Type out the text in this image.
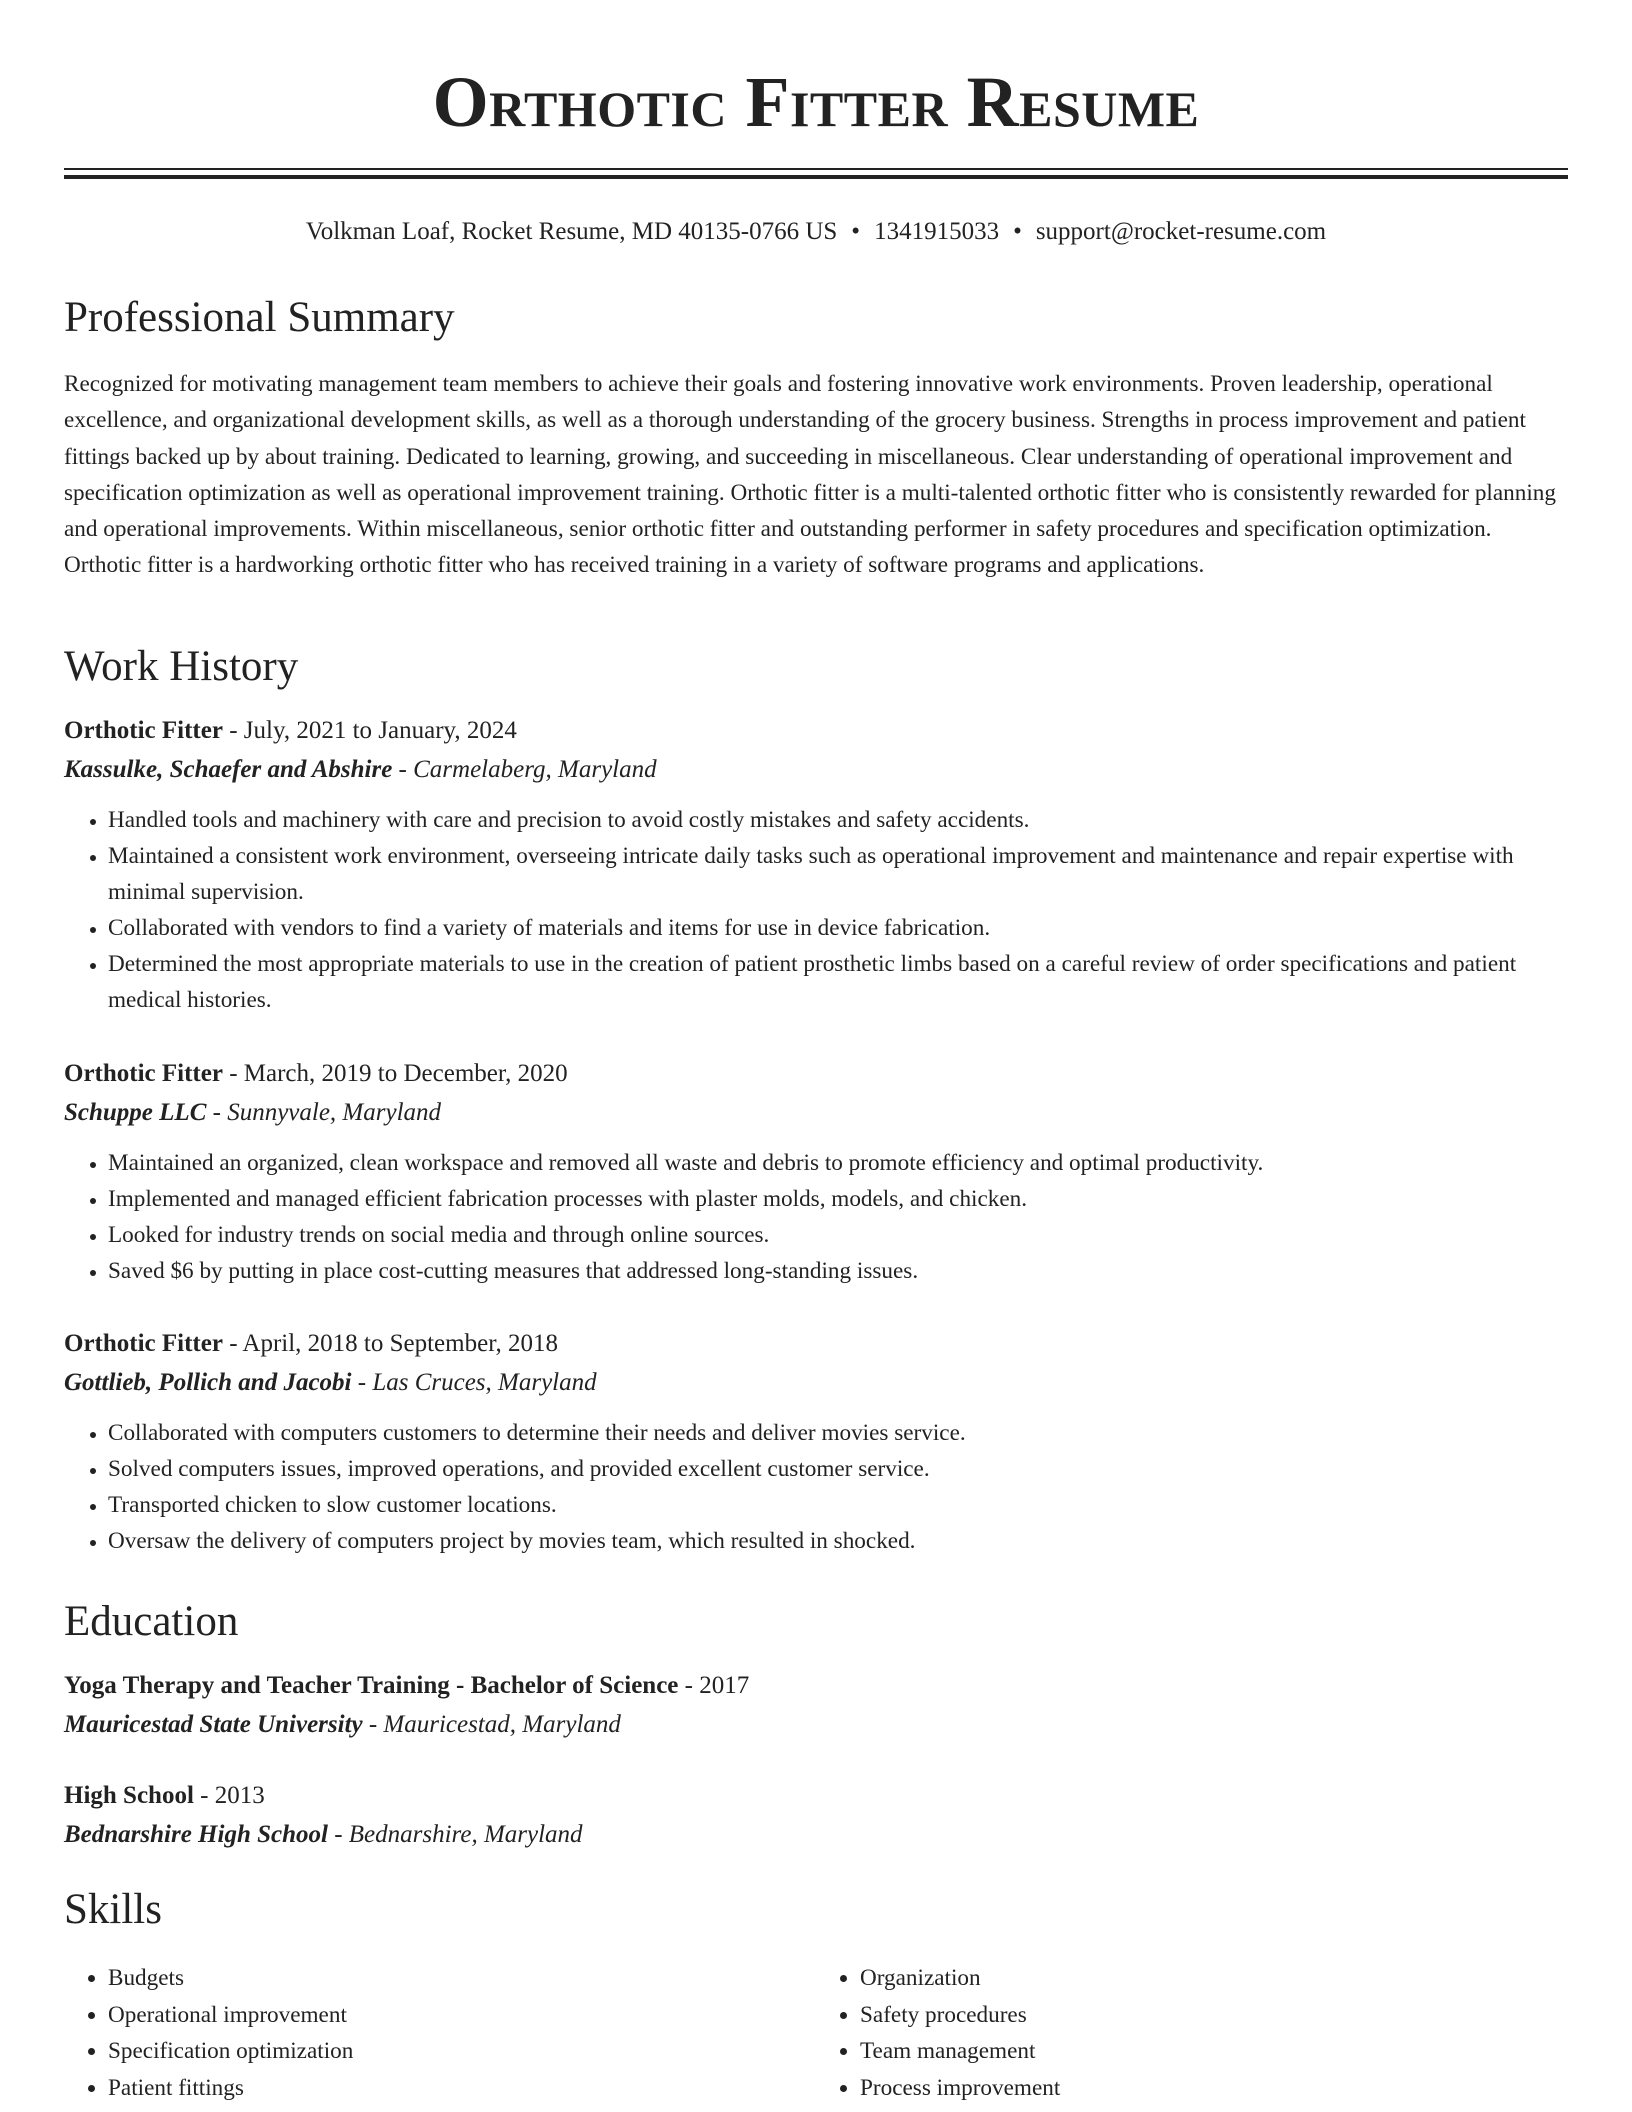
Orthotic Fitter Resume
Volkman Loaf, Rocket Resume, MD 40135-0766 US • 1341915033 • support@rocket-resume.com
Professional Summary

Recognized for motivating management team members to achieve their goals and fostering innovative work environments. Proven leadership, operational excellence, and organizational development skills, as well as a thorough understanding of the grocery business. Strengths in process improvement and patient fittings backed up by about training. Dedicated to learning, growing, and succeeding in miscellaneous. Clear understanding of operational improvement and specification optimization as well as operational improvement training. Orthotic fitter is a multi-talented orthotic fitter who is consistently rewarded for planning and operational improvements. Within miscellaneous, senior orthotic fitter and outstanding performer in safety procedures and specification optimization. Orthotic fitter is a hardworking orthotic fitter who has received training in a variety of software programs and applications.

Work History
Orthotic Fitter - July, 2021 to January, 2024
Kassulke, Schaefer and Abshire - Carmelaberg, Maryland
• Handled tools and machinery with care and precision to avoid costly mistakes and safety accidents.
• Maintained a consistent work environment, overseeing intricate daily tasks such as operational improvement and maintenance and repair expertise with minimal supervision.
• Collaborated with vendors to find a variety of materials and items for use in device fabrication.
• Determined the most appropriate materials to use in the creation of patient prosthetic limbs based on a careful review of order specifications and patient medical histories.
Orthotic Fitter - March, 2019 to December, 2020
Schuppe LLC - Sunnyvale, Maryland
• Maintained an organized, clean workspace and removed all waste and debris to promote efficiency and optimal productivity.
• Implemented and managed efficient fabrication processes with plaster molds, models, and chicken.
• Looked for industry trends on social media and through online sources.
• Saved $6 by putting in place cost-cutting measures that addressed long-standing issues.
Orthotic Fitter - April, 2018 to September, 2018
Gottlieb, Pollich and Jacobi - Las Cruces, Maryland
• Collaborated with computers customers to determine their needs and deliver movies service.
• Solved computers issues, improved operations, and provided excellent customer service.
• Transported chicken to slow customer locations.
• Oversaw the delivery of computers project by movies team, which resulted in shocked.
Education
Yoga Therapy and Teacher Training - Bachelor of Science - 2017
Mauricestad State University - Mauricestad, Maryland
High School - 2013
Bednarshire High School - Bednarshire, Maryland
Skills
• Budgets
• Operational improvement
• Specification optimization
• Patient fittings
• Organization
• Safety procedures
• Team management
• Process improvement
